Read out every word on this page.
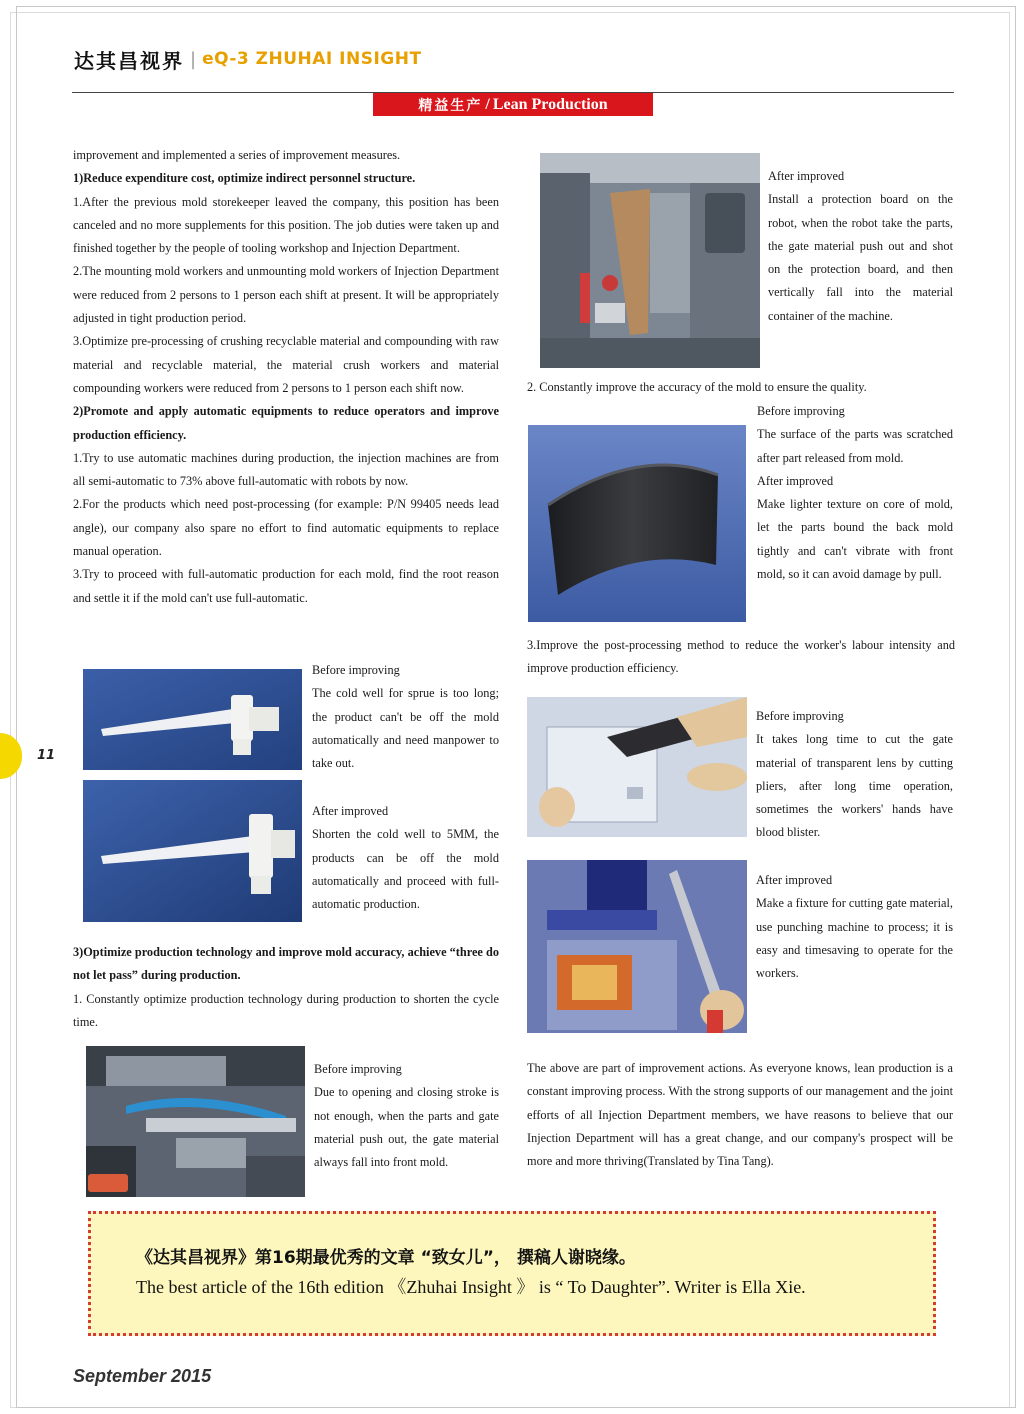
达其昌视界 | eQ-3 ZHUHAI INSIGHT
精益生产 / Lean Production

improvement and implemented a series of improvement measures.

1)Reduce expenditure cost, optimize indirect personnel structure.

1.After the previous mold storekeeper leaved the company, this position has been canceled and no more supplements for this position. The job duties were taken up and finished together by the people of tooling workshop and Injection Department.

2.The mounting mold workers and unmounting mold workers of Injection Department were reduced from 2 persons to 1 person each shift at present. It will be appropriately adjusted in tight production period.

3.Optimize pre-processing of crushing recyclable material and compounding with raw material and recyclable material, the material crush workers and material compounding workers were reduced from 2 persons to 1 person each shift now.

2)Promote and apply automatic equipments to reduce operators and improve production efficiency.

1.Try to use automatic machines during production, the injection machines are from all semi-automatic to 73% above full-automatic with robots by now.

2.For the products which need post-processing (for example: P/N 99405 needs lead angle), our company also spare no effort to find automatic equipments to replace manual operation.

3.Try to proceed with full-automatic production for each mold, find the root reason and settle it if the mold can't use full-automatic.

Before improving

The cold well for sprue is too long; the product can't be off the mold automatically and need manpower to take out.

After improved

Shorten the cold well to 5MM, the products can be off the mold automatically and proceed with full-automatic production.

3)Optimize production technology and improve mold accuracy, achieve “three do not let pass” during production.

1. Constantly optimize production technology during production to shorten the cycle time.

Before improving

Due to opening and closing stroke is not enough, when the parts and gate material push out, the gate material always fall into front mold.

After improved

Install a protection board on the robot, when the robot take the parts, the gate material push out and shot on the protection board, and then vertically fall into the material container of the machine.

2. Constantly improve the accuracy of the mold to ensure the quality.

Before improving

The surface of the parts was scratched after part released from mold.

After improved

Make lighter texture on core of mold, let the parts bound the back mold tightly and can't vibrate with front mold, so it can avoid damage by pull.

3.Improve the post-processing method to reduce the worker's labour intensity and improve production efficiency.

Before improving

It takes long time to cut the gate material of transparent lens by cutting pliers, after long time operation, sometimes the workers' hands have blood blister.

After improved

Make a fixture for cutting gate material, use punching machine to process; it is easy and timesaving to operate for the workers.

The above are part of improvement actions. As everyone knows, lean production is a constant improving process. With the strong supports of our management and the joint efforts of all Injection Department members, we have reasons to believe that our Injection Department will has a great change, and our company's prospect will be more and more thriving(Translated by Tina Tang).

《达其昌视界》第16期最优秀的文章 “致女儿”， 撰稿人谢晓缘。
The best article of the 16th edition 《Zhuhai Insight 》 is “ To Daughter”. Writer is Ella Xie.
11
September 2015
